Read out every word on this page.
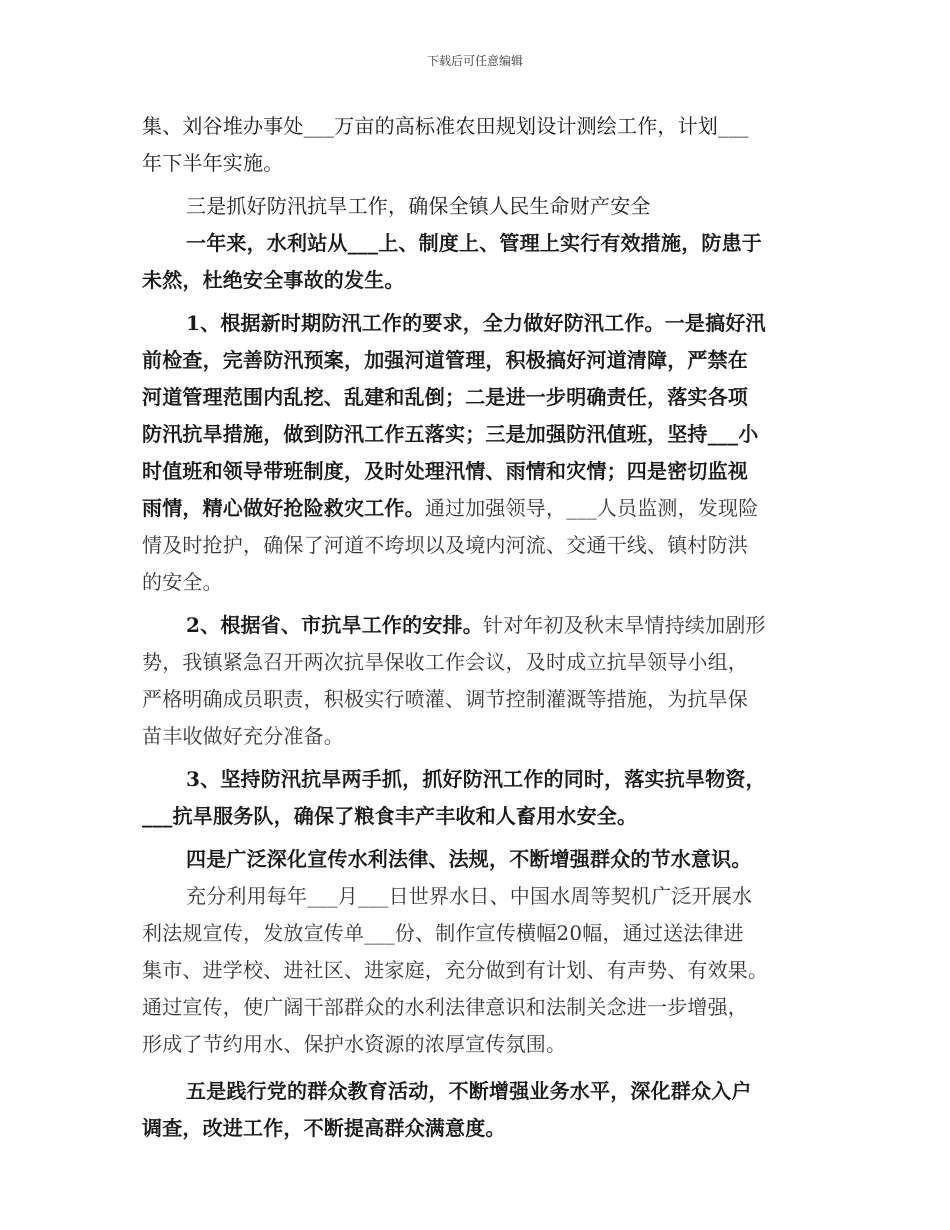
下载后可任意编辑
集、刘谷堆办事处___万亩的高标准农田规划设计测绘工作，计划___
年下半年实施。
三是抓好防汛抗旱工作，确保全镇人民生命财产安全
一年来，水利站从___上、制度上、管理上实行有效措施，防患于
未然，杜绝安全事故的发生。
1、根据新时期防汛工作的要求，全力做好防汛工作。一是搞好汛
前检查，完善防汛预案，加强河道管理，积极搞好河道清障，严禁在
河道管理范围内乱挖、乱建和乱倒；二是进一步明确责任，落实各项
防汛抗旱措施，做到防汛工作五落实；三是加强防汛值班，坚持___小
时值班和领导带班制度，及时处理汛情、雨情和灾情；四是密切监视
雨情，精心做好抢险救灾工作。通过加强领导，___人员监测，发现险
情及时抢护，确保了河道不垮坝以及境内河流、交通干线、镇村防洪
的安全。
2、根据省、市抗旱工作的安排。针对年初及秋末旱情持续加剧形
势，我镇紧急召开两次抗旱保收工作会议，及时成立抗旱领导小组，
严格明确成员职责，积极实行喷灌、调节控制灌溉等措施，为抗旱保
苗丰收做好充分准备。
3、坚持防汛抗旱两手抓，抓好防汛工作的同时，落实抗旱物资，
___抗旱服务队，确保了粮食丰产丰收和人畜用水安全。
四是广泛深化宣传水利法律、法规，不断增强群众的节水意识。
充分利用每年___月___日世界水日、中国水周等契机广泛开展水
利法规宣传，发放宣传单___份、制作宣传横幅20幅，通过送法律进
集市、进学校、进社区、进家庭，充分做到有计划、有声势、有效果。
通过宣传，使广阔干部群众的水利法律意识和法制关念进一步增强，
形成了节约用水、保护水资源的浓厚宣传氛围。
五是践行党的群众教育活动，不断增强业务水平，深化群众入户
调查，改进工作，不断提高群众满意度。
